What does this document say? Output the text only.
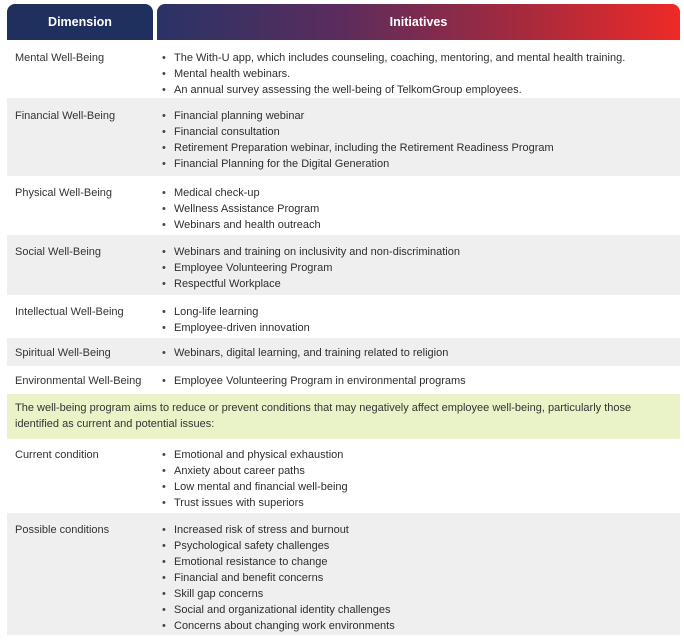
Dimension	Initiatives
Mental Well-Being	• The With-U app, which includes counseling, coaching, mentoring, and mental health training.
• Mental health webinars.
• An annual survey assessing the well-being of TelkomGroup employees.
Financial Well-Being	• Financial planning webinar
• Financial consultation
• Retirement Preparation webinar, including the Retirement Readiness Program
• Financial Planning for the Digital Generation
Physical Well-Being	• Medical check-up
• Wellness Assistance Program
• Webinars and health outreach
Social Well-Being	• Webinars and training on inclusivity and non-discrimination
• Employee Volunteering Program
• Respectful Workplace
Intellectual Well-Being	• Long-life learning
• Employee-driven innovation
Spiritual Well-Being	• Webinars, digital learning, and training related to religion
Environmental Well-Being	• Employee Volunteering Program in environmental programs
The well-being program aims to reduce or prevent conditions that may negatively affect employee well-being, particularly those identified as current and potential issues:
Current condition	• Emotional and physical exhaustion
• Anxiety about career paths
• Low mental and financial well-being
• Trust issues with superiors
Possible conditions	• Increased risk of stress and burnout
• Psychological safety challenges
• Emotional resistance to change
• Financial and benefit concerns
• Skill gap concerns
• Social and organizational identity challenges
• Concerns about changing work environments
